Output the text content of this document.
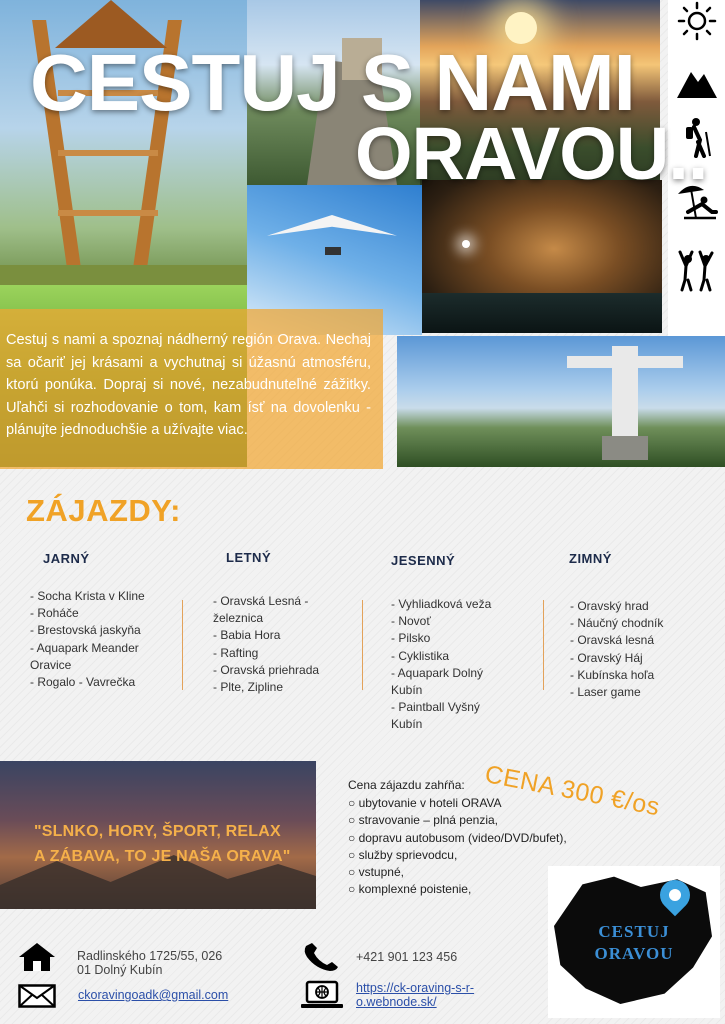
CESTUJ S NAMI
ORAVOU..

Cestuj s nami a spoznaj nádherný región Orava. Nechaj sa očariť jej krásami a vychutnaj si úžasnú atmosféru, ktorú ponúka. Dopraj si nové, nezabudnuteľné zážitky. Uľahči si rozhodovanie o tom, kam ísť na dovolenku - plánujte jednoduchšie a užívajte viac.

ZÁJAZDY:
JARNÝ
- Socha Krista v Kline
- Roháče
- Brestovská jaskyňa
- Aquapark Meander Oravice
- Rogalo - Vavrečka
LETNÝ
- Oravská Lesná - železnica
- Babia Hora
- Rafting
- Oravská priehrada
- Plte, Zipline
JESENNÝ
- Vyhliadková veža
- Novoť
- Pilsko
- Cyklistika
- Aquapark Dolný Kubín
- Paintball Vyšný Kubín
ZIMNÝ
- Oravský hrad
- Náučný chodník
- Oravská lesná
- Oravský Háj
- Kubínska hoľa
- Laser game
"SLNKO, HORY, ŠPORT, RELAX
A ZÁBAVA, TO JE NAŠA ORAVA"
CENA 300 €/os
Cena zájazdu zahŕňa:
○ ubytovanie v hoteli ORAVA
○ stravovanie – plná penzia,
○ dopravu autobusom (video/DVD/bufet),
○ služby sprievodcu,
○ vstupné,
○ komplexné poistenie,
CESTUJ
ORAVOU
Radlinského 1725/55, 026
01 Dolný Kubín
+421 901 123 456
ckoravingoadk@gmail.com	https://ck-oraving-s-r-
o.webnode.sk/
